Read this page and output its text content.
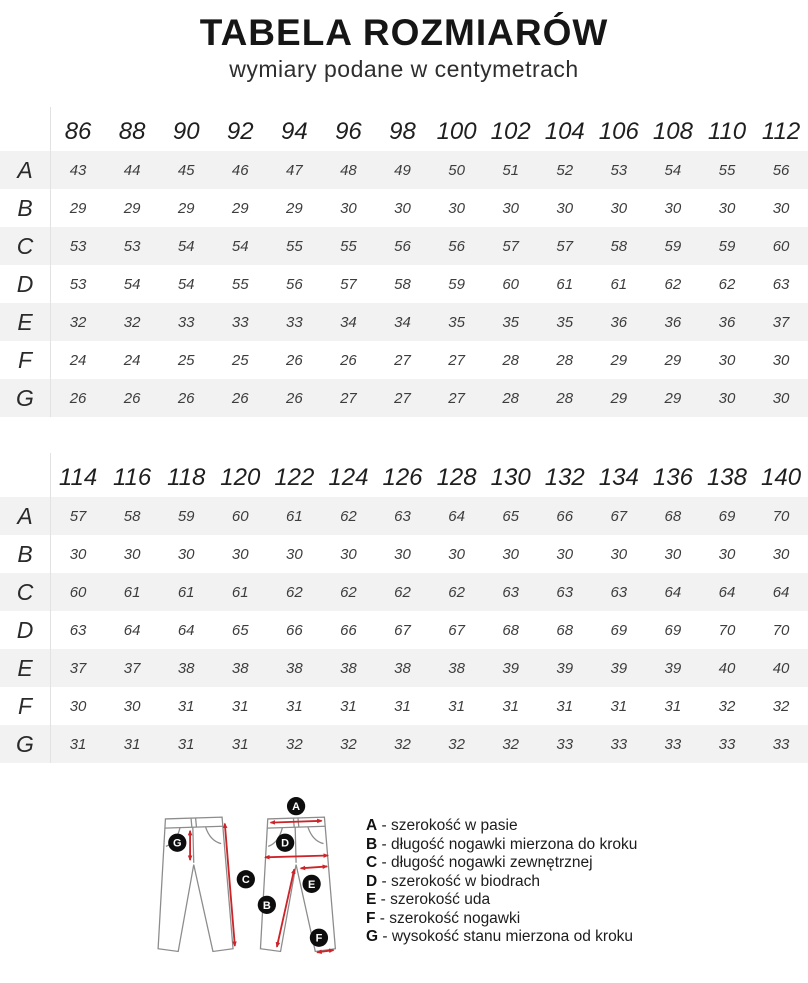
TABELA ROZMIARÓW
wymiary podane w centymetrach
86	88	90	92	94	96	98 100 102 104 106 108 110 112
A	43	44	45	46	47	48	49	50	51	52	53	54	55	56
B	29	29	29	29	29	30	30	30	30	30	30	30	30	30
C	53	53	54	54	55	55	56	56	57	57	58	59	59	60
D	53	54	54	55	56	57	58	59	60	61	61	62	62	63
E	32	32	33	33	33	34	34	35	35	35	36	36	36	37
F	24	24	25	25	26	26	27	27	28	28	29	29	30	30
G	26	26	26	26	26	27	27	27	28	28	29	29	30	30
114 116 118 120 122 124 126 128 130 132 134 136 138 140
A	57	58	59	60	61	62	63	64	65	66	67	68	69	70
B	30	30	30	30	30	30	30	30	30	30	30	30	30	30
C	60	61	61	61	62	62	62	62	63	63	63	64	64	64
D	63	64	64	65	66	66	67	67	68	68	69	69	70	70
E	37	37	38	38	38	38	38	38	39	39	39	39	40	40
F	30	30	31	31	31	31	31	31	31	31	31	31	32	32
G	31	31	31	31	32	32	32	32	32	33	33	33	33	33
G
C
A
D
E
B
F
A - szerokość w pasie
B - długość nogawki mierzona do kroku
C - długość nogawki zewnętrznej
D - szerokość w biodrach
E - szerokość uda
F - szerokość nogawki
G - wysokość stanu mierzona od kroku
